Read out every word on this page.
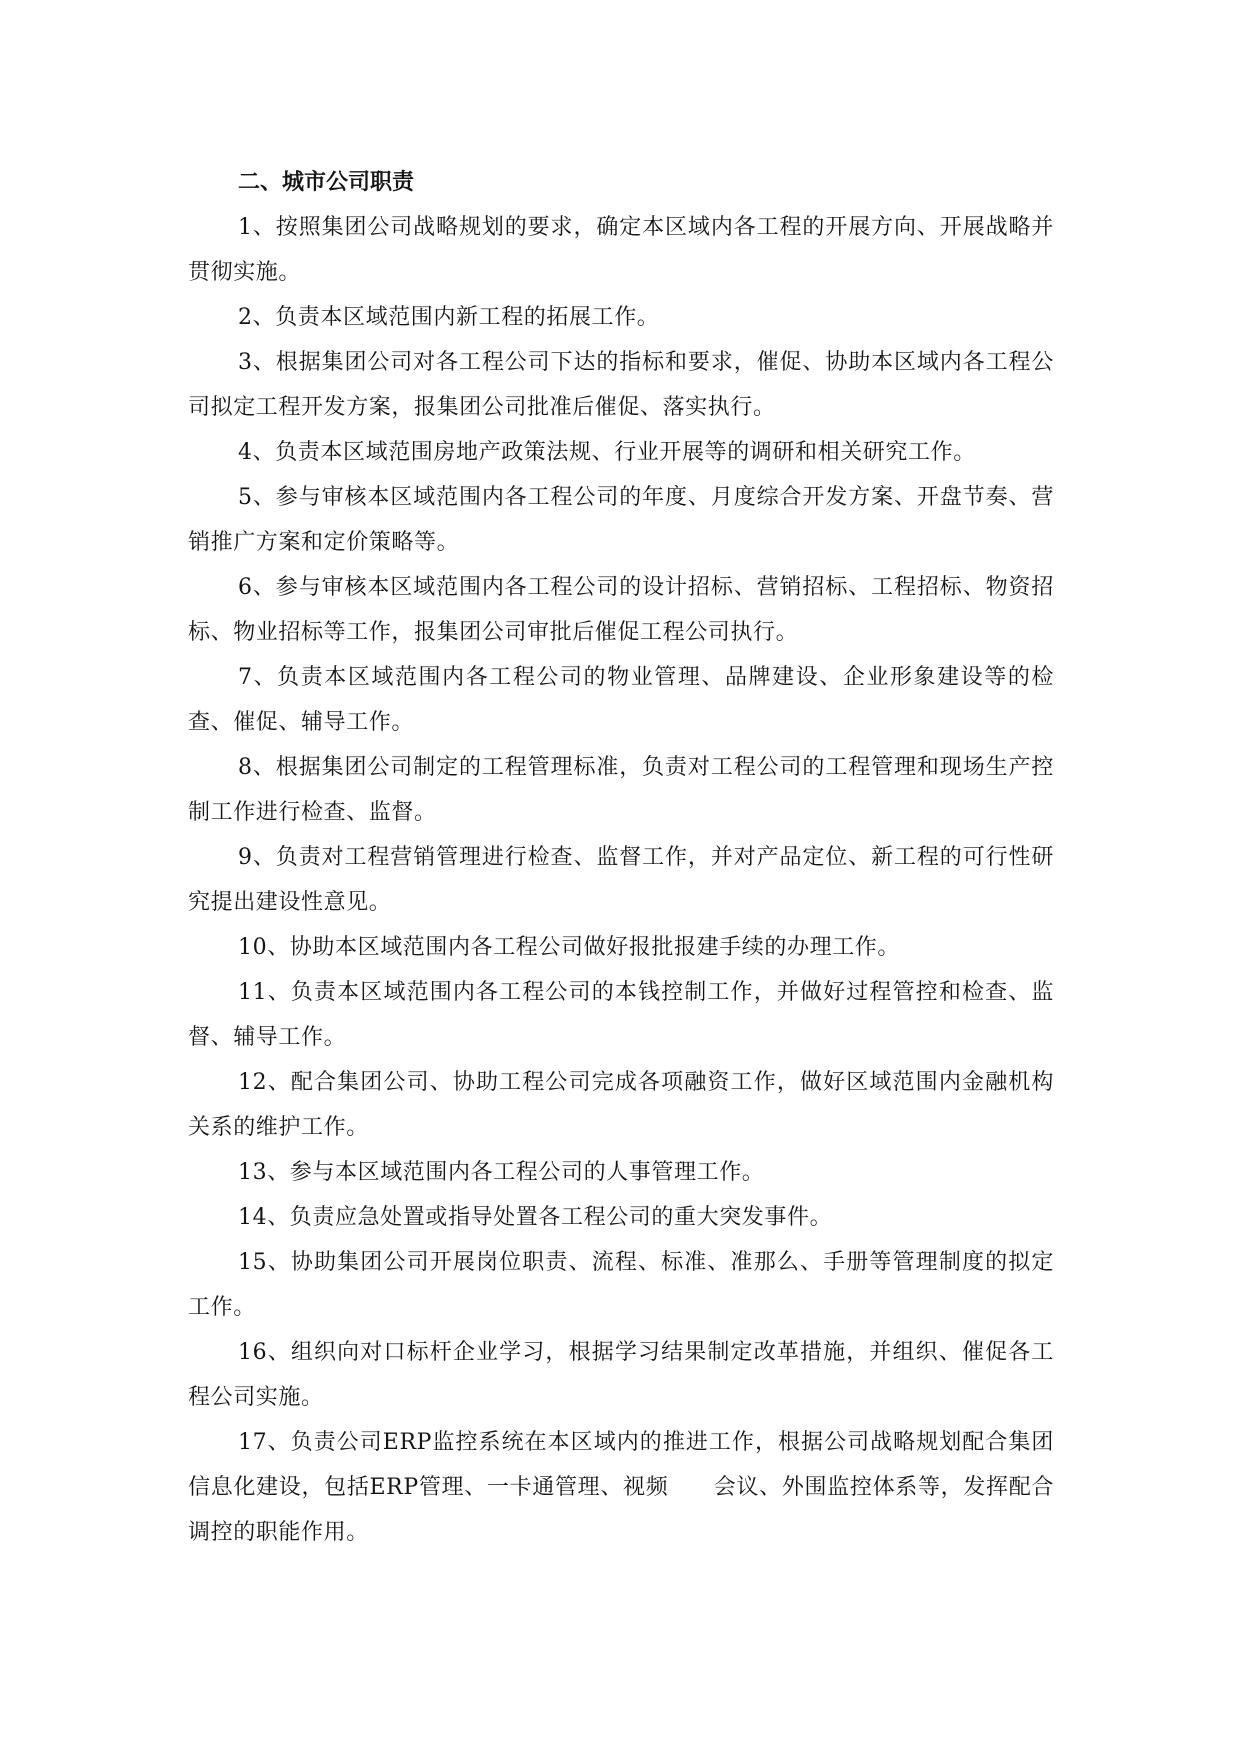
二、城市公司职责

1、按照集团公司战略规划的要求，确定本区域内各工程的开展方向、开展战略并贯彻实施。

2、负责本区域范围内新工程的拓展工作。

3、根据集团公司对各工程公司下达的指标和要求，催促、协助本区域内各工程公司拟定工程开发方案，报集团公司批准后催促、落实执行。

4、负责本区域范围房地产政策法规、行业开展等的调研和相关研究工作。

5、参与审核本区域范围内各工程公司的年度、月度综合开发方案、开盘节奏、营销推广方案和定价策略等。

6、参与审核本区域范围内各工程公司的设计招标、营销招标、工程招标、物资招标、物业招标等工作，报集团公司审批后催促工程公司执行。

7、负责本区域范围内各工程公司的物业管理、品牌建设、企业形象建设等的检查、催促、辅导工作。

8、根据集团公司制定的工程管理标准，负责对工程公司的工程管理和现场生产控制工作进行检查、监督。

9、负责对工程营销管理进行检查、监督工作，并对产品定位、新工程的可行性研究提出建设性意见。

10、协助本区域范围内各工程公司做好报批报建手续的办理工作。

11、负责本区域范围内各工程公司的本钱控制工作，并做好过程管控和检查、监督、辅导工作。

12、配合集团公司、协助工程公司完成各项融资工作，做好区域范围内金融机构关系的维护工作。

13、参与本区域范围内各工程公司的人事管理工作。

14、负责应急处置或指导处置各工程公司的重大突发事件。

15、协助集团公司开展岗位职责、流程、标准、准那么、手册等管理制度的拟定工作。

16、组织向对口标杆企业学习，根据学习结果制定改革措施，并组织、催促各工程公司实施。

17、负责公司ERP监控系统在本区域内的推进工作，根据公司战略规划配合集团信息化建设，包括ERP管理、一卡通管理、视频　　会议、外围监控体系等，发挥配合调控的职能作用。
